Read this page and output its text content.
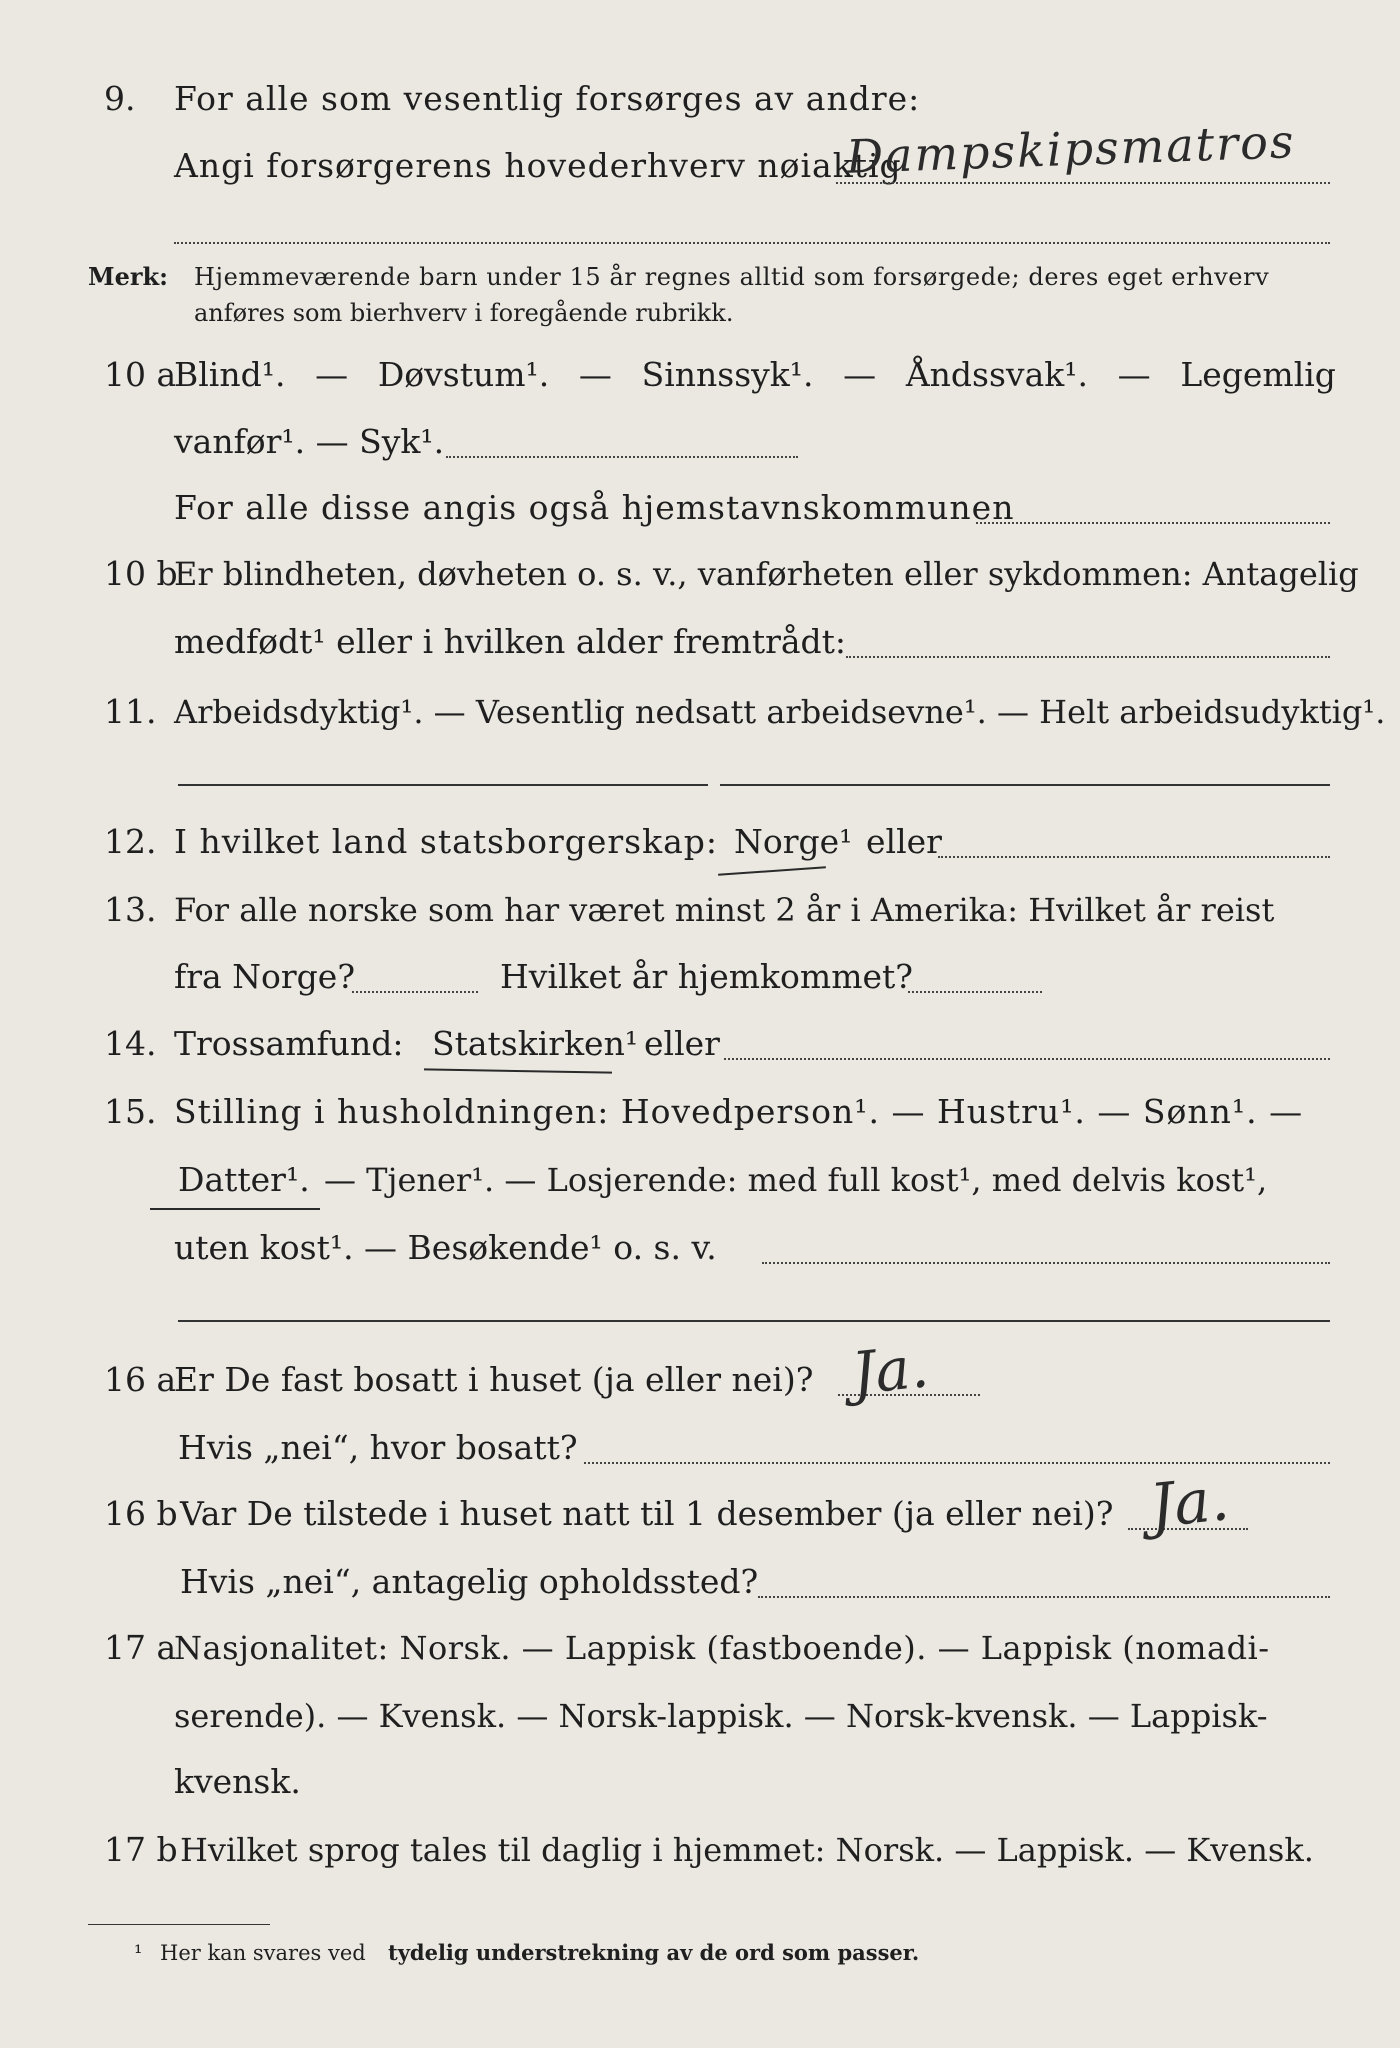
9. For alle som vesentlig forsørges av andre:
Angi forsørgerens hovederhverv nøiaktig
Dampskipsmatros
Merk: Hjemmeværende barn under 15 år regnes alltid som forsørgede; deres eget erhverv
anføres som bierhverv i foregående rubrikk.
10 a
Blind¹. — Døvstum¹. — Sinnssyk¹. — Åndssvak¹. — Legemlig
vanfør¹. — Syk¹.
For alle disse angis også hjemstavnskommunen
10 b
Er blindheten, døvheten o. s. v., vanførheten eller sykdommen: Antagelig
medfødt¹ eller i hvilken alder fremtrådt:
11. Arbeidsdyktig¹. — Vesentlig nedsatt arbeidsevne¹. — Helt arbeidsudyktig¹.
12. I hvilket land statsborgerskap: Norge¹ eller
13. For alle norske som har været minst 2 år i Amerika: Hvilket år reist
fra Norge?	Hvilket år hjemkommet?
14. Trossamfund: Statskirken¹ eller
15. Stilling i husholdningen: Hovedperson¹. — Hustru¹. — Sønn¹. —
Datter¹. — Tjener¹. — Losjerende: med full kost¹, med delvis kost¹,
uten kost¹. — Besøkende¹ o. s. v.
16 a
Er De fast bosatt i huset (ja eller nei)? Ja.
Hvis „nei“, hvor bosatt?
16 b Var De tilstede i huset natt til 1 desember (ja eller nei)? Ja.
Hvis „nei“, antagelig opholdssted?
17 a
Nasjonalitet: Norsk. — Lappisk (fastboende). — Lappisk (nomadi-
serende). — Kvensk. — Norsk-lappisk. — Norsk-kvensk. — Lappisk-
kvensk.
17 b Hvilket sprog tales til daglig i hjemmet: Norsk. — Lappisk. — Kvensk.
¹ Her kan svares ved tydelig understrekning av de ord som passer.
